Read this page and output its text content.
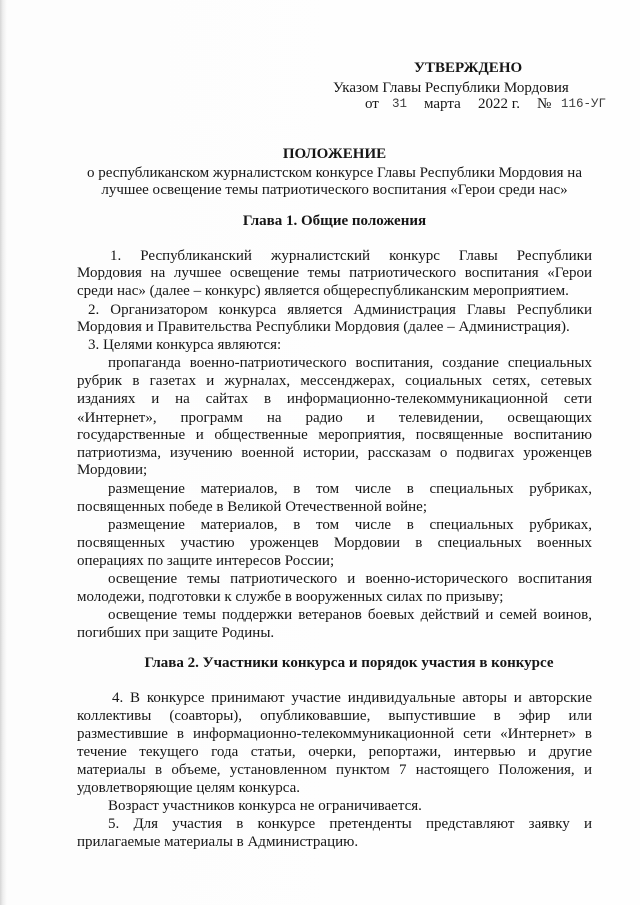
УТВЕРЖДЕНО
Указом Главы Республики Мордовия
от 31 марта 2022 г. № 116-УГ
ПОЛОЖЕНИЕ
о республиканском журналистском конкурсе Главы Республики Мордовия на
лучшее освещение темы патриотического воспитания «Герои среди нас»
Глава 1. Общие положения
1. Республиканский журналистский конкурс Главы Республики
Мордовия на лучшее освещение темы патриотического воспитания «Герои
среди нас» (далее – конкурс) является общереспубликанским мероприятием.
2. Организатором конкурса является Администрация Главы Республики
Мордовия и Правительства Республики Мордовия (далее – Администрация).
3. Целями конкурса являются:
пропаганда военно-патриотического воспитания, создание специальных
рубрик в газетах и журналах, мессенджерах, социальных сетях, сетевых
изданиях и на сайтах в информационно-телекоммуникационной сети
«Интернет», программ на радио и телевидении, освещающих
государственные и общественные мероприятия, посвященные воспитанию
патриотизма, изучению военной истории, рассказам о подвигах уроженцев
Мордовии;
размещение материалов, в том числе в специальных рубриках,
посвященных победе в Великой Отечественной войне;
размещение материалов, в том числе в специальных рубриках,
посвященных участию уроженцев Мордовии в специальных военных
операциях по защите интересов России;
освещение темы патриотического и военно-исторического воспитания
молодежи, подготовки к службе в вооруженных силах по призыву;
освещение темы поддержки ветеранов боевых действий и семей воинов,
погибших при защите Родины.
Глава 2. Участники конкурса и порядок участия в конкурсе
4. В конкурсе принимают участие индивидуальные авторы и авторские
коллективы (соавторы), опубликовавшие, выпустившие в эфир или
разместившие в информационно-телекоммуникационной сети «Интернет» в
течение текущего года статьи, очерки, репортажи, интервью и другие
материалы в объеме, установленном пунктом 7 настоящего Положения, и
удовлетворяющие целям конкурса.
Возраст участников конкурса не ограничивается.
5. Для участия в конкурсе претенденты представляют заявку и
прилагаемые материалы в Администрацию.
